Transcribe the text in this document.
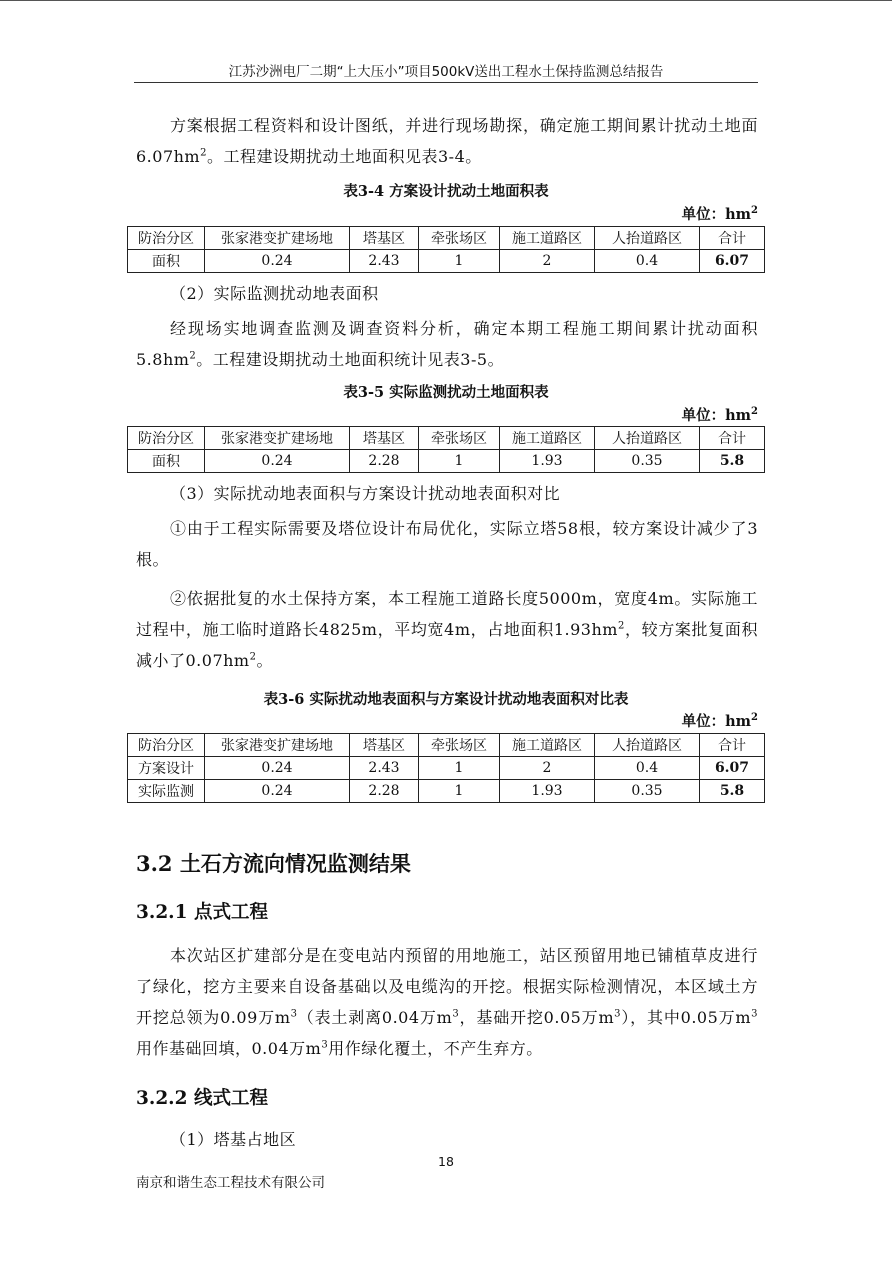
江苏沙洲电厂二期“上大压小”项目500kV送出工程水土保持监测总结报告
方案根据工程资料和设计图纸，并进行现场勘探，确定施工期间累计扰动土地面$6.07hm^2$。工程建设期扰动土地面积见表3-4。
表3-4 方案设计扰动土地面积表
单位：$hm^2$
防治分区	张家港变扩建场地	塔基区	牵张场区	施工道路区	人抬道路区	合计
面积	0.24	2.43	1	2	0.4	6.07
（2）实际监测扰动地表面积
经现场实地调查监测及调查资料分析，确定本期工程施工期间累计扰动面积$5.8hm^2$。工程建设期扰动土地面积统计见表3-5。
表3-5 实际监测扰动土地面积表
单位：$hm^2$
防治分区	张家港变扩建场地	塔基区	牵张场区	施工道路区	人抬道路区	合计
面积	0.24	2.28	1	1.93	0.35	5.8
（3）实际扰动地表面积与方案设计扰动地表面积对比
①由于工程实际需要及塔位设计布局优化，实际立塔58根，较方案设计减少了3根。
②依据批复的水土保持方案，本工程施工道路长度5000m，宽度4m。实际施工过程中，施工临时道路长4825m，平均宽4m，占地面积$1.93hm^2$，较方案批复面积减小了$0.07hm^2$。
表3-6 实际扰动地表面积与方案设计扰动地表面积对比表
单位：$hm^2$
防治分区	张家港变扩建场地	塔基区	牵张场区	施工道路区	人抬道路区	合计
方案设计	0.24	2.43	1	2	0.4	6.07
实际监测	0.24	2.28	1	1.93	0.35	5.8
3.2 土石方流向情况监测结果
3.2.1 点式工程
本次站区扩建部分是在变电站内预留的用地施工，站区预留用地已铺植草皮进行了绿化，挖方主要来自设备基础以及电缆沟的开挖。根据实际检测情况，本区域土方开挖总领为0.09万$m^3$（表土剥离0.04万$m^3$，基础开挖0.05万$m^3$），其中0.05万$m^3$用作基础回填，0.04万$m^3$用作绿化覆土，不产生弃方。
3.2.2 线式工程
（1）塔基占地区
18
南京和谐生态工程技术有限公司
